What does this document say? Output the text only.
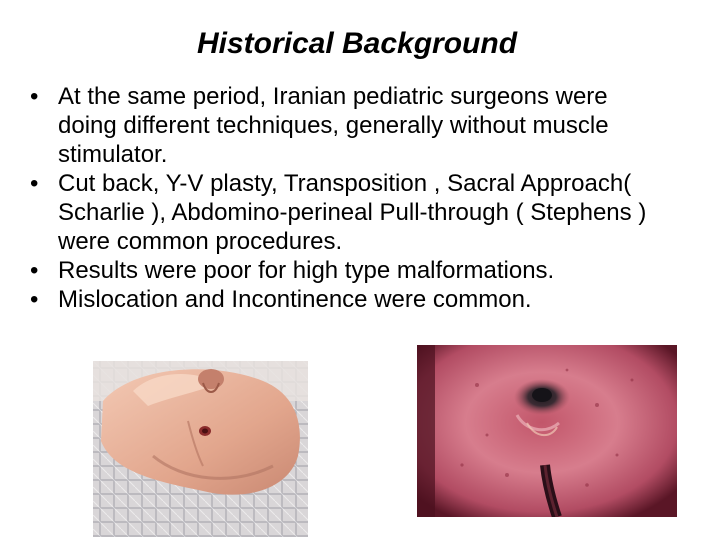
Historical Background
• At the same period, Iranian pediatric surgeons were doing different techniques, generally without muscle stimulator.
• Cut back, Y-V plasty, Transposition , Sacral Approach( Scharlie ), Abdomino-perineal Pull-through ( Stephens ) were common procedures.
• Results were poor for high type malformations.
• Mislocation and Incontinence were common.
